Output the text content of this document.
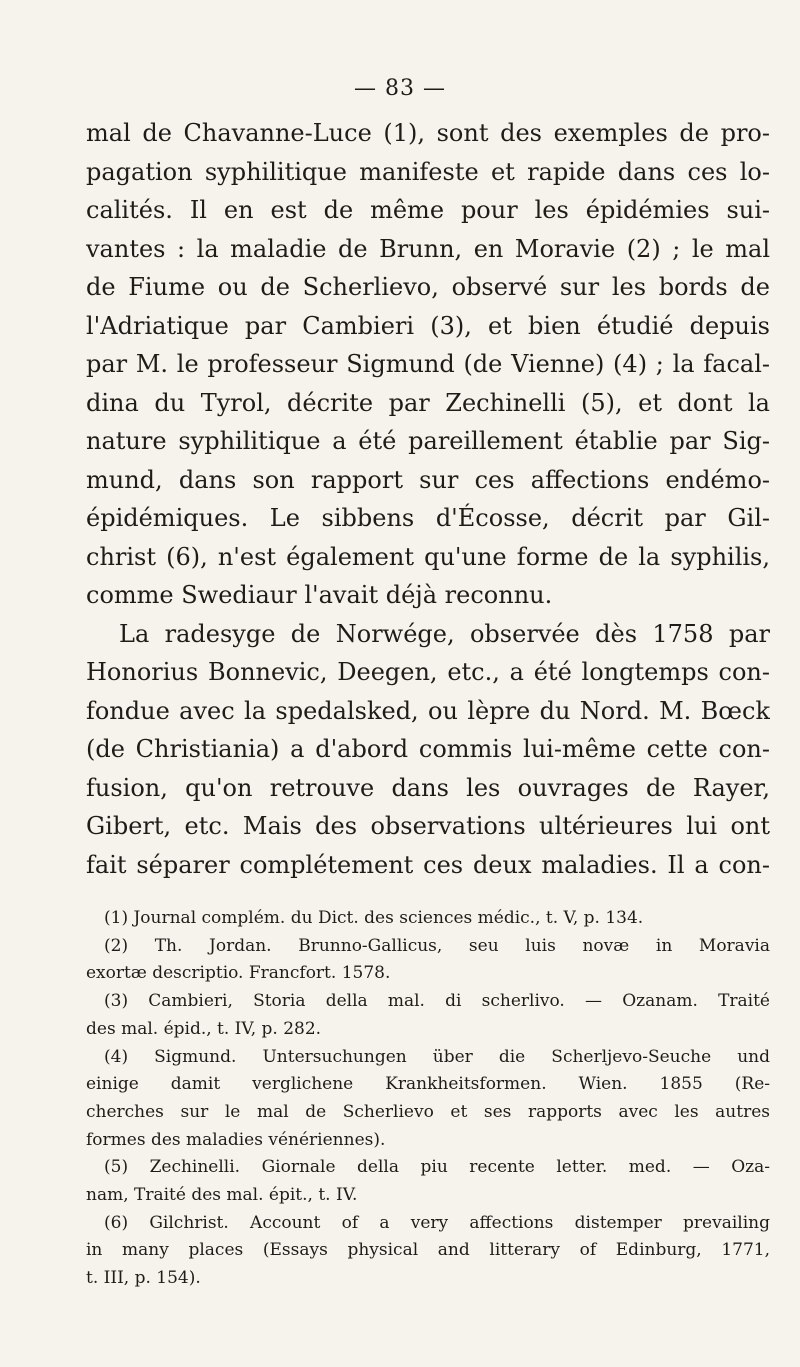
— 83 —
mal de Chavanne-Luce (1), sont des exemples de pro-
pagation syphilitique manifeste et rapide dans ces lo-
calités. Il en est de même pour les épidémies sui-
vantes : la maladie de Brunn, en Moravie (2) ; le mal
de Fiume ou de Scherlievo, observé sur les bords de
l'Adriatique par Cambieri (3), et bien étudié depuis
par M. le professeur Sigmund (de Vienne) (4) ; la facal-
dina du Tyrol, décrite par Zechinelli (5), et dont la
nature syphilitique a été pareillement établie par Sig-
mund, dans son rapport sur ces affections endémo-
épidémiques. Le sibbens d'Écosse, décrit par Gil-
christ (6), n'est également qu'une forme de la syphilis,
comme Swediaur l'avait déjà reconnu.
La radesyge de Norwége, observée dès 1758 par
Honorius Bonnevic, Deegen, etc., a été longtemps con-
fondue avec la spedalsked, ou lèpre du Nord. M. Bœck
(de Christiania) a d'abord commis lui-même cette con-
fusion, qu'on retrouve dans les ouvrages de Rayer,
Gibert, etc. Mais des observations ultérieures lui ont
fait séparer complétement ces deux maladies. Il a con-
(1) Journal complém. du Dict. des sciences médic., t. V, p. 134.
(2) Th. Jordan. Brunno-Gallicus, seu luis novæ in Moravia
exortæ descriptio. Francfort. 1578.
(3) Cambieri, Storia della mal. di scherlivo. — Ozanam. Traité
des mal. épid., t. IV, p. 282.
(4) Sigmund. Untersuchungen über die Scherljevo-Seuche und
einige damit verglichene Krankheitsformen. Wien. 1855 (Re-
cherches sur le mal de Scherlievo et ses rapports avec les autres
formes des maladies vénériennes).
(5) Zechinelli. Giornale della piu recente letter. med. — Oza-
nam, Traité des mal. épit., t. IV.
(6) Gilchrist. Account of a very affections distemper prevailing
in many places (Essays physical and litterary of Edinburg, 1771,
t. III, p. 154).
